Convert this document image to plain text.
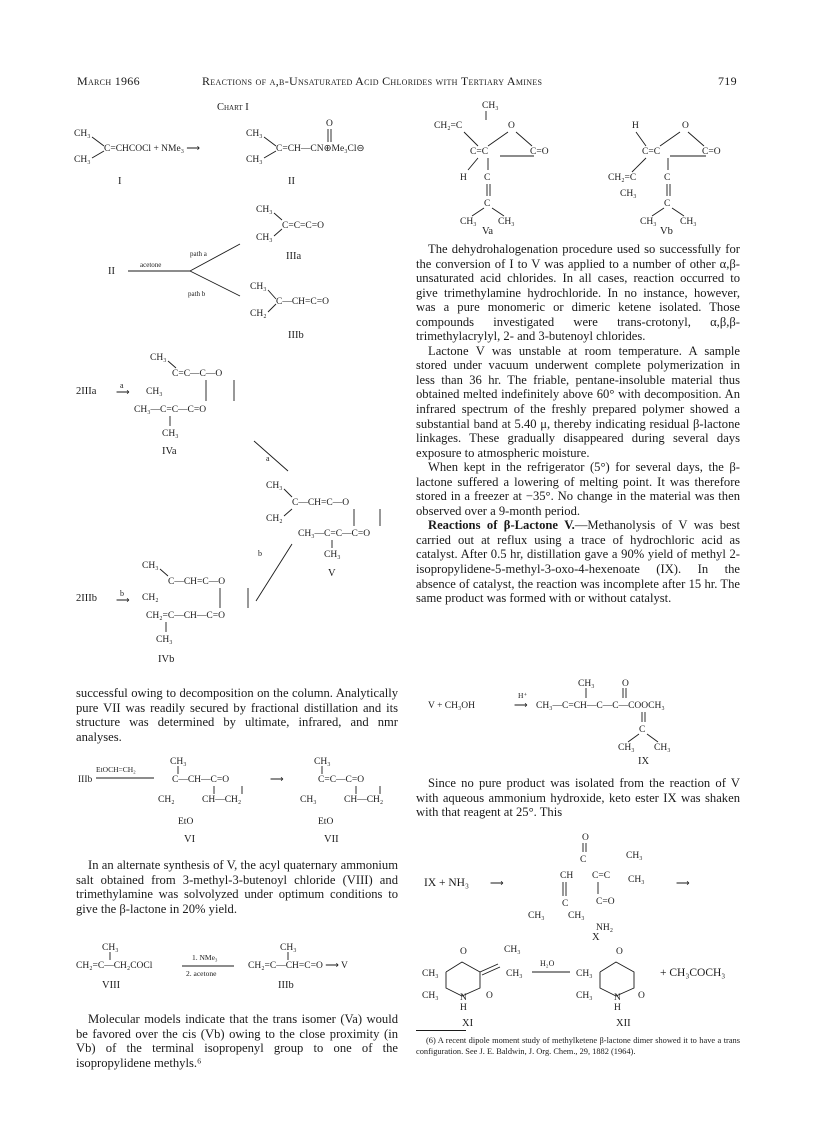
March 1966	Reactions of α,β-Unsaturated Acid Chlorides with Tertiary Amines	719
Chart I
CH₃
CH₃
C=CHCOCl + NMe₃ ⟶
CH₃
CH₃
C=CH—CN⊕Me₃Cl⊖
O
I	II
CH₃
CH₃
C=C=C=O
IIIa
II
acetone
path a
path b
CH₃
CH₂
C—CH=C=O
IIIb
CH₃
C=C—C—O
2IIIa
a
⟶ CH₃
CH₃—C=C—C=O
CH₃
IVa
a
CH₃
C—CH=C—O
CH₂
CH₃—C=C—C=O
CH₃
V
b
CH₃
C—CH=C—O
2IIIb	b
⟶ CH₂
CH₂=C—CH—C=O
CH₃
IVb

successful owing to decomposition on the column. Analytically pure VII was readily secured by fractional distillation and its structure was determined by ultimate, infrared, and nmr analyses.

IIIb
EtOCH=CH₂
CH₃
C—CH—C=O
CH₂	CH—CH₂
EtO
VI
⟶
CH₃
C=C—C=O
CH₃	CH—CH₂
EtO
VII

In an alternate synthesis of V, the acyl quaternary ammonium salt obtained from 3-methyl-3-butenoyl chloride (VIII) and trimethylamine was solvolyzed under optimum conditions to give the β-lactone in 20% yield.

CH₃
CH₂=C—CH₂COCl
VIII
1. NMe₃
2. acetone
CH₃
CH₂=C—CH=C=O ⟶ V
IIIb

Molecular models indicate that the trans isomer (Va) would be favored over the cis (Vb) owing to the close proximity (in Vb) of the terminal isopropenyl group to one of the isopropylidene methyls.⁶

CH₃
CH₂=C	O
C=C	C=O
H C
C
CH₃ CH₃
Va
H	O
C=C	C=O
CH₂=C	C
CH₃
C
CH₃ CH₃
Vb

The dehydrohalogenation procedure used so successfully for the conversion of I to V was applied to a number of other α,β-unsaturated acid chlorides. In all cases, reaction occurred to give trimethylamine hydrochloride. In no instance, however, was a pure monomeric or dimeric ketene isolated. Those compounds investigated were trans-crotonyl, α,β,β-trimethylacrylyl, 2- and 3-butenoyl chlorides.

Lactone V was unstable at room temperature. A sample stored under vacuum underwent complete polymerization in less than 36 hr. The friable, pentane-insoluble material thus obtained melted indefinitely above 60° with decomposition. An infrared spectrum of the freshly prepared polymer showed a substantial band at 5.40 μ, thereby indicating residual β-lactone linkages. These gradually disappeared during several days exposure to atmospheric moisture.

When kept in the refrigerator (5°) for several days, the β-lactone suffered a lowering of melting point. It was therefore stored in a freezer at −35°. No change in the material was then observed over a 9-month period.

Reactions of β-Lactone V.—Methanolysis of V was best carried out at reflux using a trace of hydrochloric acid as catalyst. After 0.5 hr, distillation gave a 90% yield of methyl 2-isopropylidene-5-methyl-3-oxo-4-hexenoate (IX). In the absence of catalyst, the reaction was incomplete after 15 hr. The same product was formed with or without catalyst.

CH₃	O
V + CH₃OH
H⁺
⟶ CH₃—C=CH—C—C—COOCH₃
C
CH₃ CH₃
IX

Since no pure product was isolated from the reaction of V with aqueous ammonium hydroxide, keto ester IX was shaken with that reagent at 25°. This

O
C	CH₃
CH C=C CH₃
IX + NH₃ ⟶	⟶
C	C=O
CH₃ CH₃
NH₂
X
O	CH₃
CH₃	CH₃
CH₃ N
H
O
XI
H₂O
O
CH₃
CH₃ N
H
O
+ CH₃COCH₃
XII

(6) A recent dipole moment study of methylketene β-lactone dimer showed it to have a trans configuration. See J. E. Baldwin, J. Org. Chem., 29, 1882 (1964).
